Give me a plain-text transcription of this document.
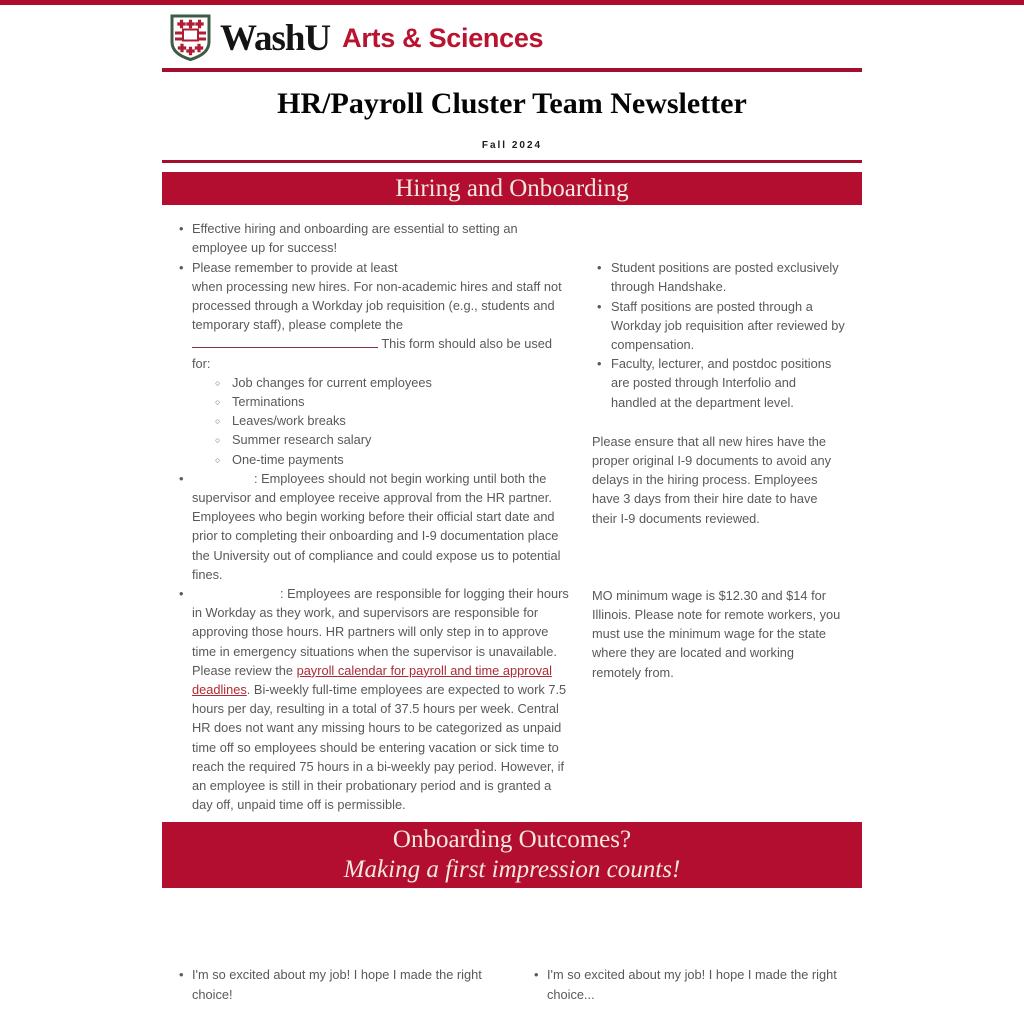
WashU Arts & Sciences
HR/Payroll Cluster Team Newsletter
Fall 2024
Hiring and Onboarding
• Effective hiring and onboarding are essential to setting an employee up for success!
• Please remember to provide at least
when processing new hires. For non-academic hires and staff not processed through a Workday job requisition (e.g., students and temporary staff), please complete the  This form should also be used for:
○ Job changes for current employees
○ Terminations
○ Leaves/work breaks
○ Summer research salary
○ One-time payments
• : Employees should not begin working until both the supervisor and employee receive approval from the HR partner. Employees who begin working before their official start date and prior to completing their onboarding and I-9 documentation place the University out of compliance and could expose us to potential fines.
• : Employees are responsible for logging their hours in Workday as they work, and supervisors are responsible for approving those hours. HR partners will only step in to approve time in emergency situations when the supervisor is unavailable. Please review the payroll calendar for payroll and time approval deadlines. Bi-weekly full-time employees are expected to work 7.5 hours per day, resulting in a total of 37.5 hours per week. Central HR does not want any missing hours to be categorized as unpaid time off so employees should be entering vacation or sick time to reach the required 75 hours in a bi-weekly pay period. However, if an employee is still in their probationary period and is granted a day off, unpaid time off is permissible.
• Student positions are posted exclusively through Handshake.
• Staff positions are posted through a Workday job requisition after reviewed by compensation.
• Faculty, lecturer, and postdoc positions are posted through Interfolio and handled at the department level.

Please ensure that all new hires have the proper original I-9 documents to avoid any delays in the hiring process. Employees have 3 days from their hire date to have their I-9 documents reviewed.

MO minimum wage is $12.30 and $14 for Illinois. Please note for remote workers, you must use the minimum wage for the state where they are located and working remotely from.

Onboarding Outcomes?
Making a first impression counts!
• I'm so excited about my job! I hope I made the right choice!
• I'm so excited about my job! I hope I made the right choice...
